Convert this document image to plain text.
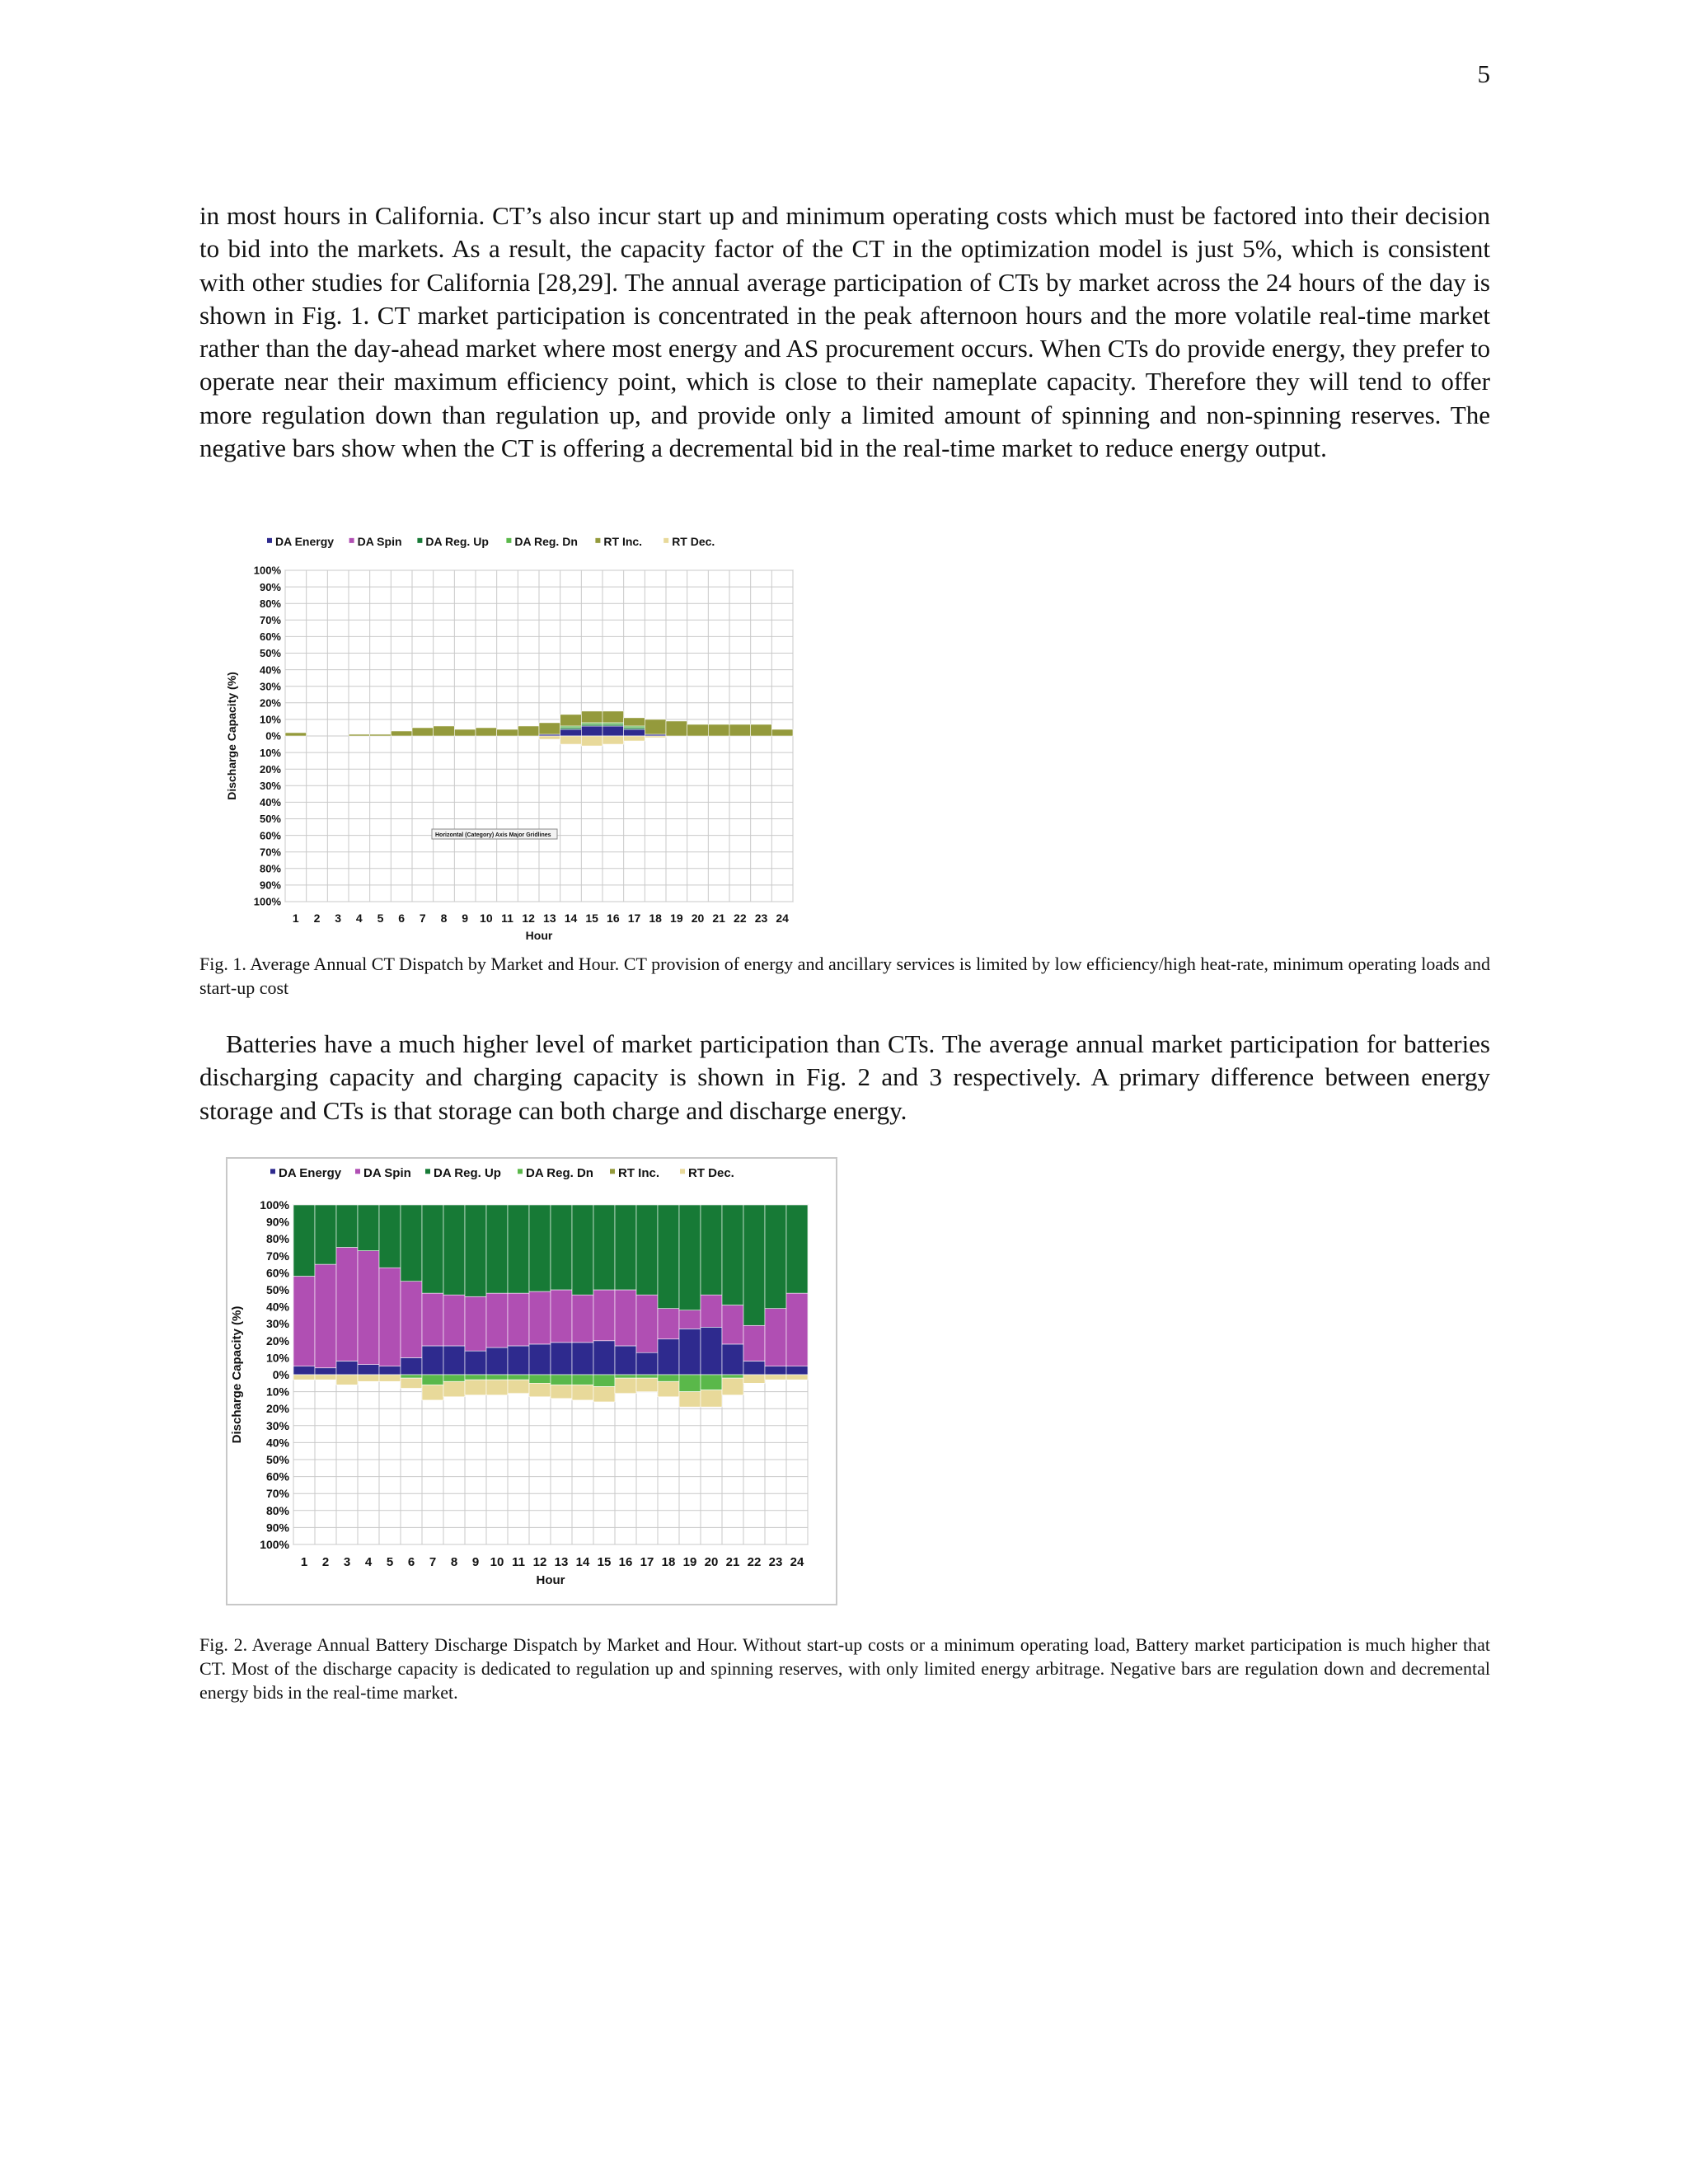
5

in most hours in California. CT’s also incur start up and minimum operating costs which must be factored into their decision to bid into the markets. As a result, the capacity factor of the CT in the optimization model is just 5%, which is consistent with other studies for California [28,29]. The annual average participation of CTs by market across the 24 hours of the day is shown in Fig. 1. CT market participation is concentrated in the peak afternoon hours and the more volatile real-time market rather than the day-ahead market where most energy and AS procurement occurs. When CTs do provide energy, they prefer to operate near their maximum efficiency point, which is close to their nameplate capacity. Therefore they will tend to offer more regulation down than regulation up, and provide only a limited amount of spinning and non-spinning reserves. The negative bars show when the CT is offering a decremental bid in the real-time market to reduce energy output.

100%
90%
80%
70%
60%
50%
40%
30%
20%
10%
0%
10%
20%
30%
40%
50%
60%
70%
80%
90%
100%
1 2 3 4 5 6 7 8 9 10 11 12 13 14 15 16 17 18 19 20 21 22 23 24
Hour
Discharge Capacity (%)
DA Energy DA Spin DA Reg. Up DA Reg. Dn RT Inc.	RT Dec.
Horizontal (Category) Axis Major Gridlines

Fig. 1. Average Annual CT Dispatch by Market and Hour. CT provision of energy and ancillary services is limited by low efficiency/high heat-rate, minimum operating loads and start-up cost

Batteries have a much higher level of market participation than CTs. The average annual market participation for batteries discharging capacity and charging capacity is shown in Fig. 2 and 3 respectively. A primary difference between energy storage and CTs is that storage can both charge and discharge energy.

100%
90%
80%
70%
60%
50%
40%
30%
20%
10%
0%
10%
20%
30%
40%
50%
60%
70%
80%
90%
100%
1 2 3 4 5 6 7 8 9 10 11 12 13 14 15 16 17 18 19 20 21 22 23 24
Hour
Discharge Capacity (%)
DA Energy DA Spin DA Reg. Up DA Reg. Dn RT Inc. RT Dec.

Fig. 2. Average Annual Battery Discharge Dispatch by Market and Hour. Without start-up costs or a minimum operating load, Battery market participation is much higher that CT. Most of the discharge capacity is dedicated to regulation up and spinning reserves, with only limited energy arbitrage. Negative bars are regulation down and decremental energy bids in the real-time market.
